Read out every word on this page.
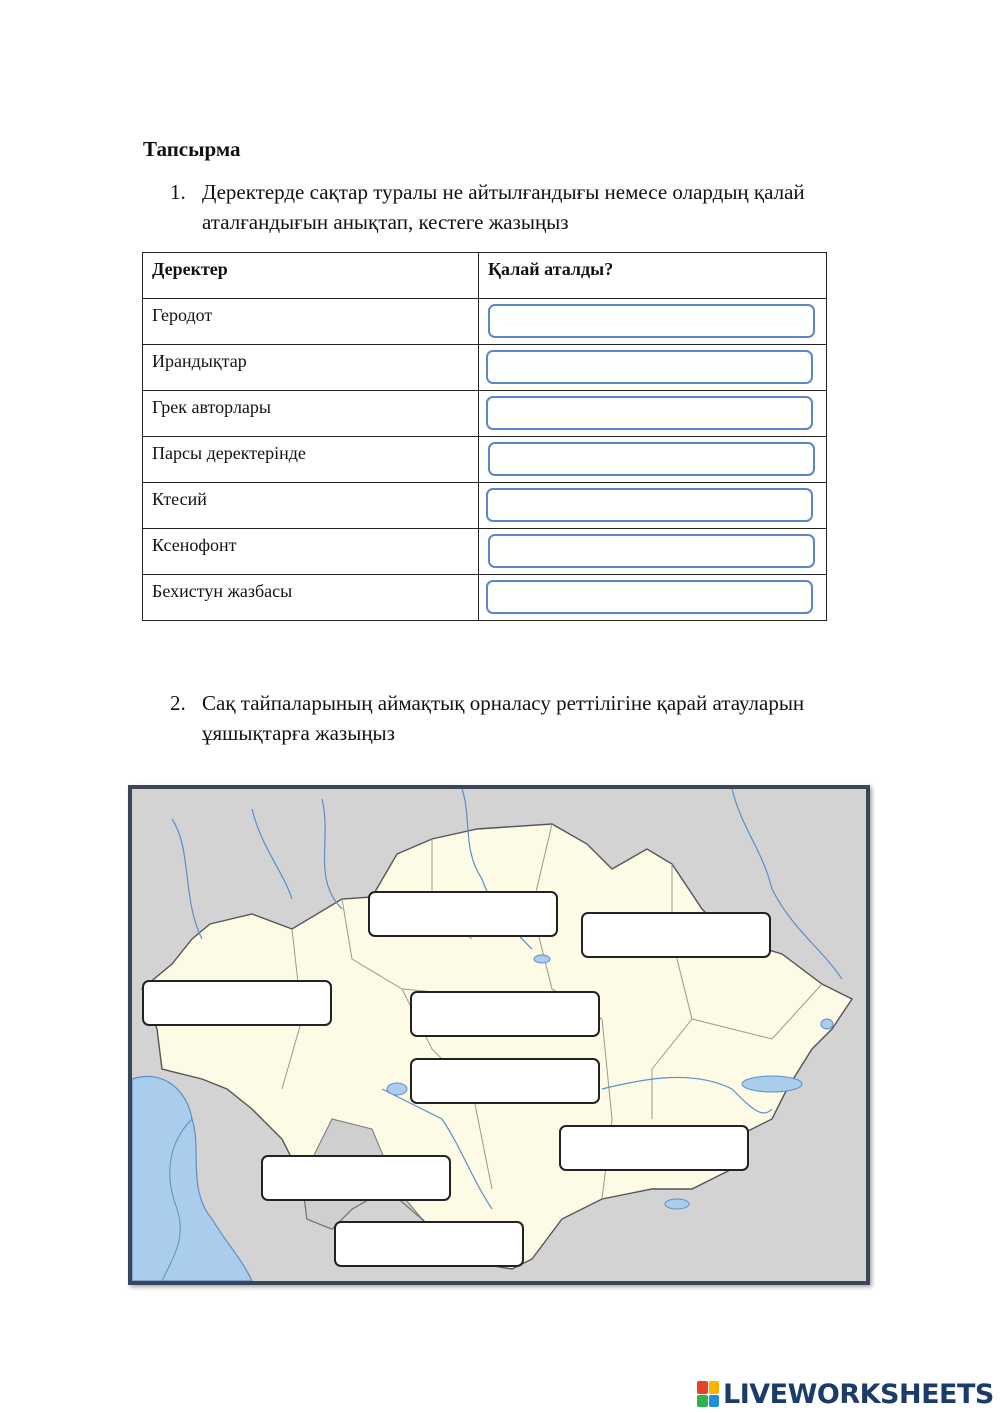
Тапсырма
1. Деректерде сақтар туралы не айтылғандығы немесе олардың қалай аталғандығын анықтап, кестеге жазыңыз
Деректер	Қалай аталды?
Геродот	

Ирандықтар	

Грек авторлары	

Парсы деректерінде	

Ктесий	

Ксенофонт	

Бехистун жазбасы	
2. Сақ тайпаларының аймақтық орналасу реттілігіне қарай атауларын ұяшықтарға жазыңыз
LIVEWORKSHEETS
